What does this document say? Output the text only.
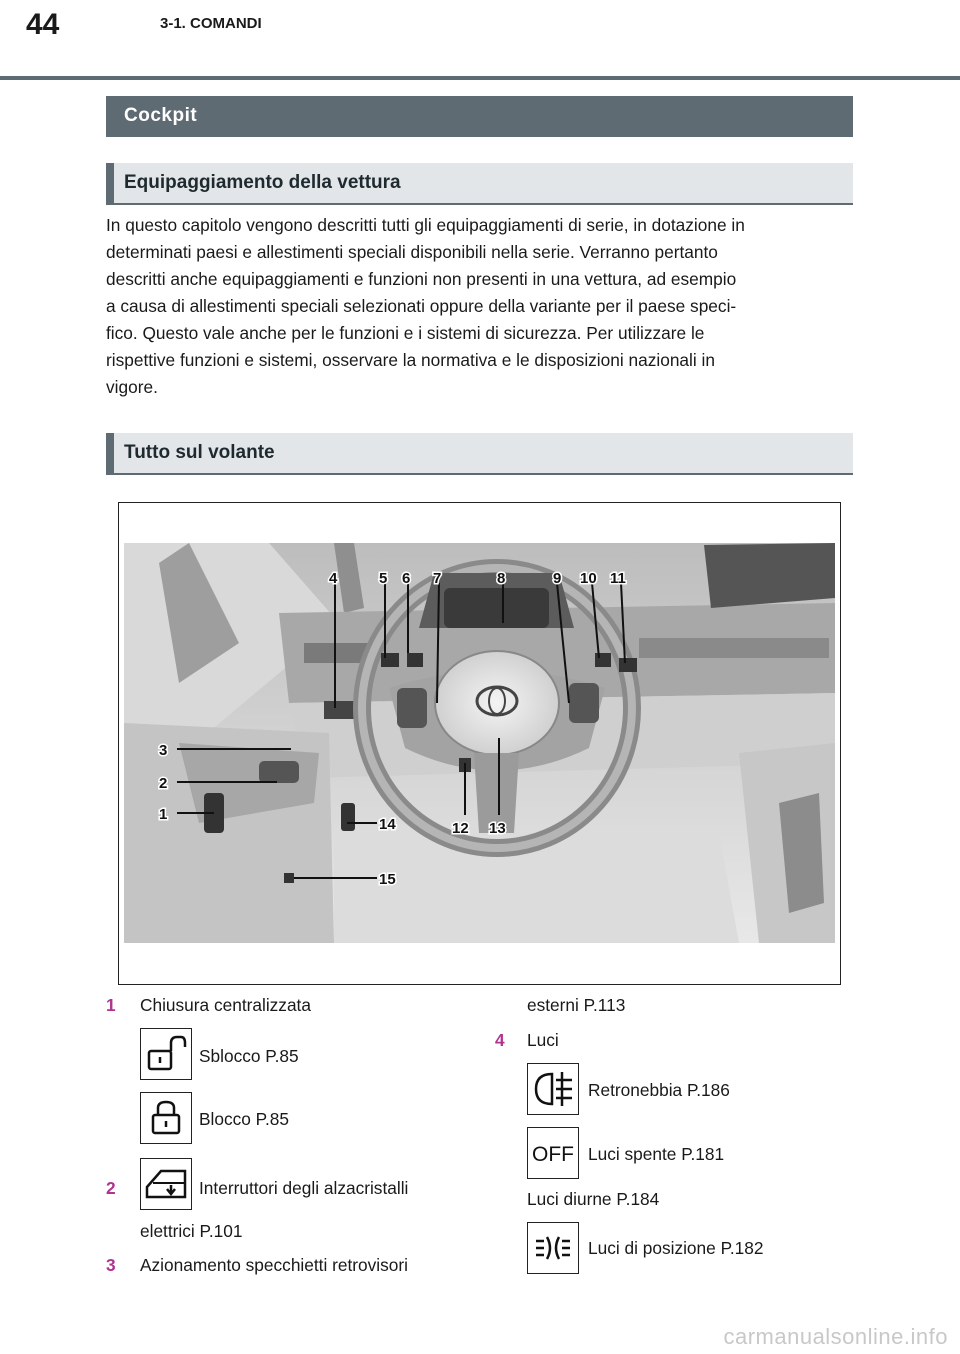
44	3-1. COMANDI
Cockpit
Equipaggiamento della vettura

In questo capitolo vengono descritti tutti gli equipaggiamenti di serie, in dotazione in

determinati paesi e allestimenti speciali disponibili nella serie. Verranno pertanto

descritti anche equipaggiamenti e funzioni non presenti in una vettura, ad esempio

a causa di allestimenti speciali selezionati oppure della variante per il paese speci-

fico. Questo vale anche per le funzioni e i sistemi di sicurezza. Per utilizzare le

rispettive funzioni e sistemi, osservare la normativa e le disposizioni nazionali in

vigore.

Tutto sul volante
4	5 6 7	8	9 10 11
3
2
1
14	12 13
15
1 Chiusura centralizzata
Sblocco P.85
Blocco P.85
2	Interruttori degli alzacristalli
elettrici P.101
3 Azionamento specchietti retrovisori
esterni P.113
4 Luci
Retronebbia P.186
OFF Luci spente P.181
Luci diurne P.184
Luci di posizione P.182
carmanualsonline.info
